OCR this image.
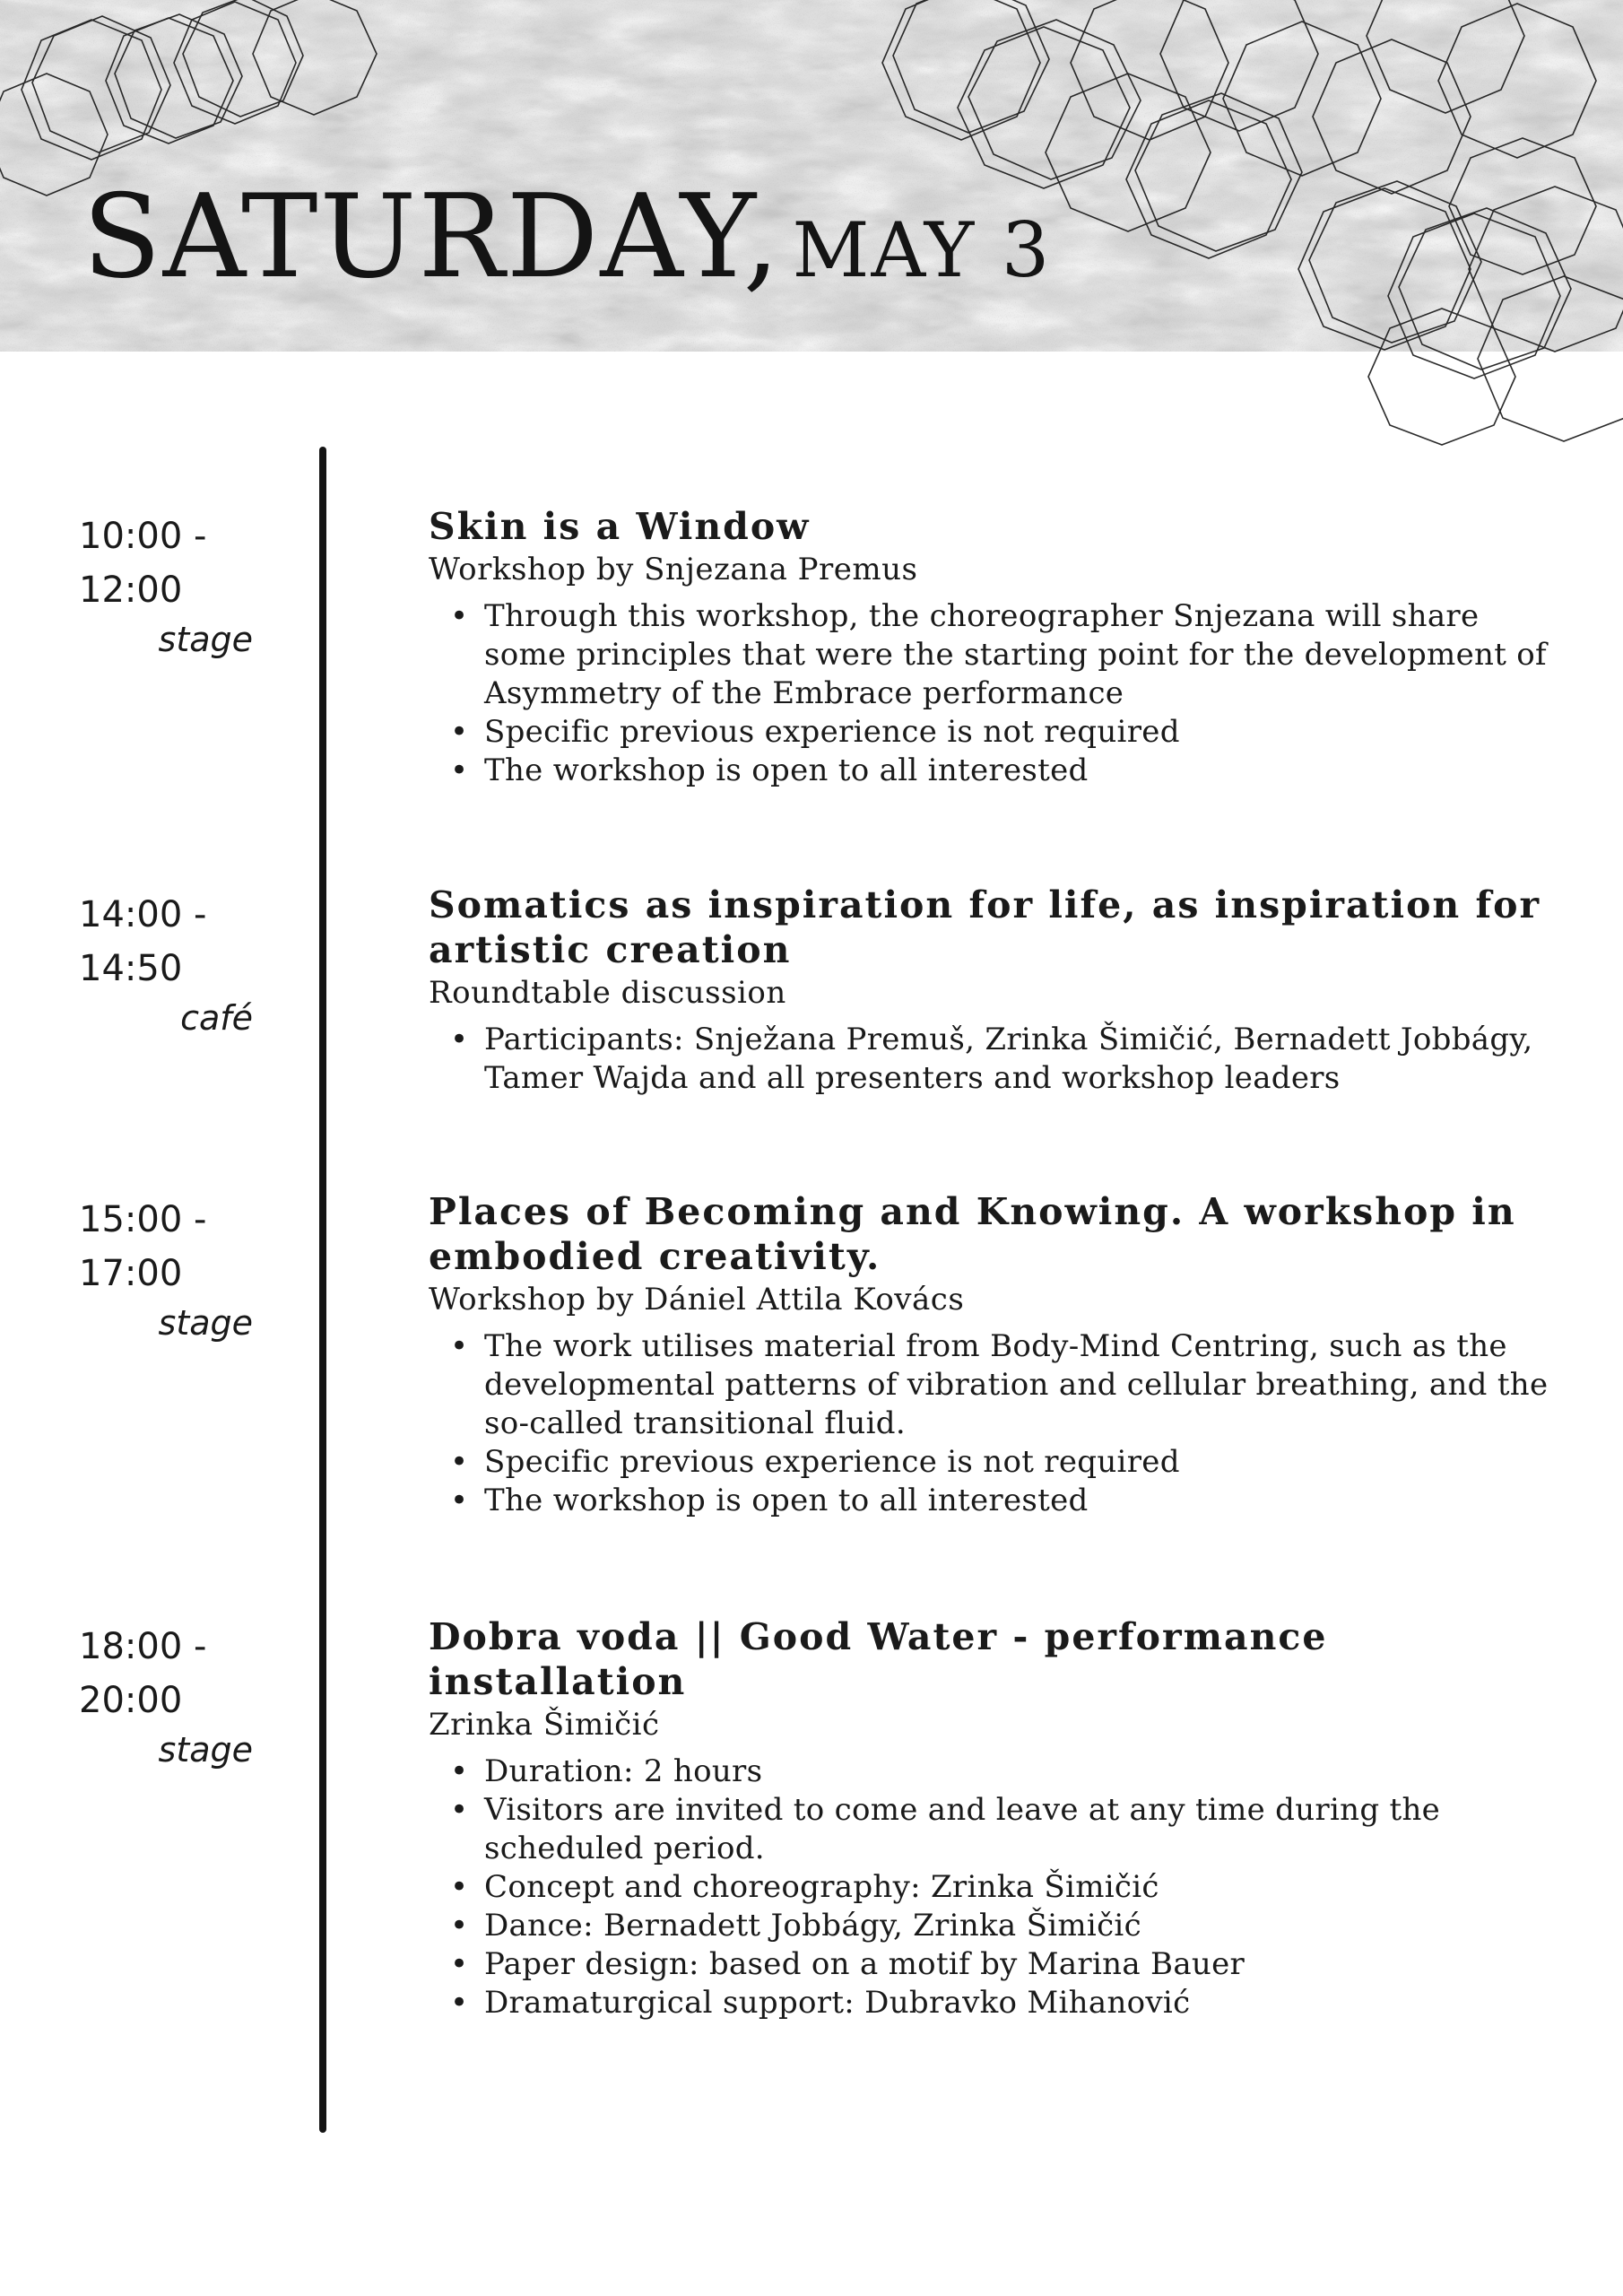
SATURDAY, MAY 3
10:00 - 12:00
stage
Skin is a Window
Workshop by Snjezana Premus
• Through this workshop, the choreographer Snjezana will share some principles that were the starting point for the development of Asymmetry of the Embrace performance
• Specific previous experience is not required
• The workshop is open to all interested
14:00 - 14:50
café
Somatics as inspiration for life, as inspiration for artistic creation
Roundtable discussion
• Participants: Snježana Premuš, Zrinka Šimičić, Bernadett Jobbágy, Tamer Wajda and all presenters and workshop leaders
15:00 - 17:00
stage
Places of Becoming and Knowing. A workshop in embodied creativity.
Workshop by Dániel Attila Kovács
• The work utilises material from Body-Mind Centring, such as the developmental patterns of vibration and cellular breathing, and the so-called transitional fluid.
• Specific previous experience is not required
• The workshop is open to all interested
18:00 - 20:00
stage
Dobra voda || Good Water - performance installation
Zrinka Šimičić
• Duration: 2 hours
• Visitors are invited to come and leave at any time during the scheduled period.
• Concept and choreography: Zrinka Šimičić
• Dance: Bernadett Jobbágy, Zrinka Šimičić
• Paper design: based on a motif by Marina Bauer
• Dramaturgical support: Dubravko Mihanović
